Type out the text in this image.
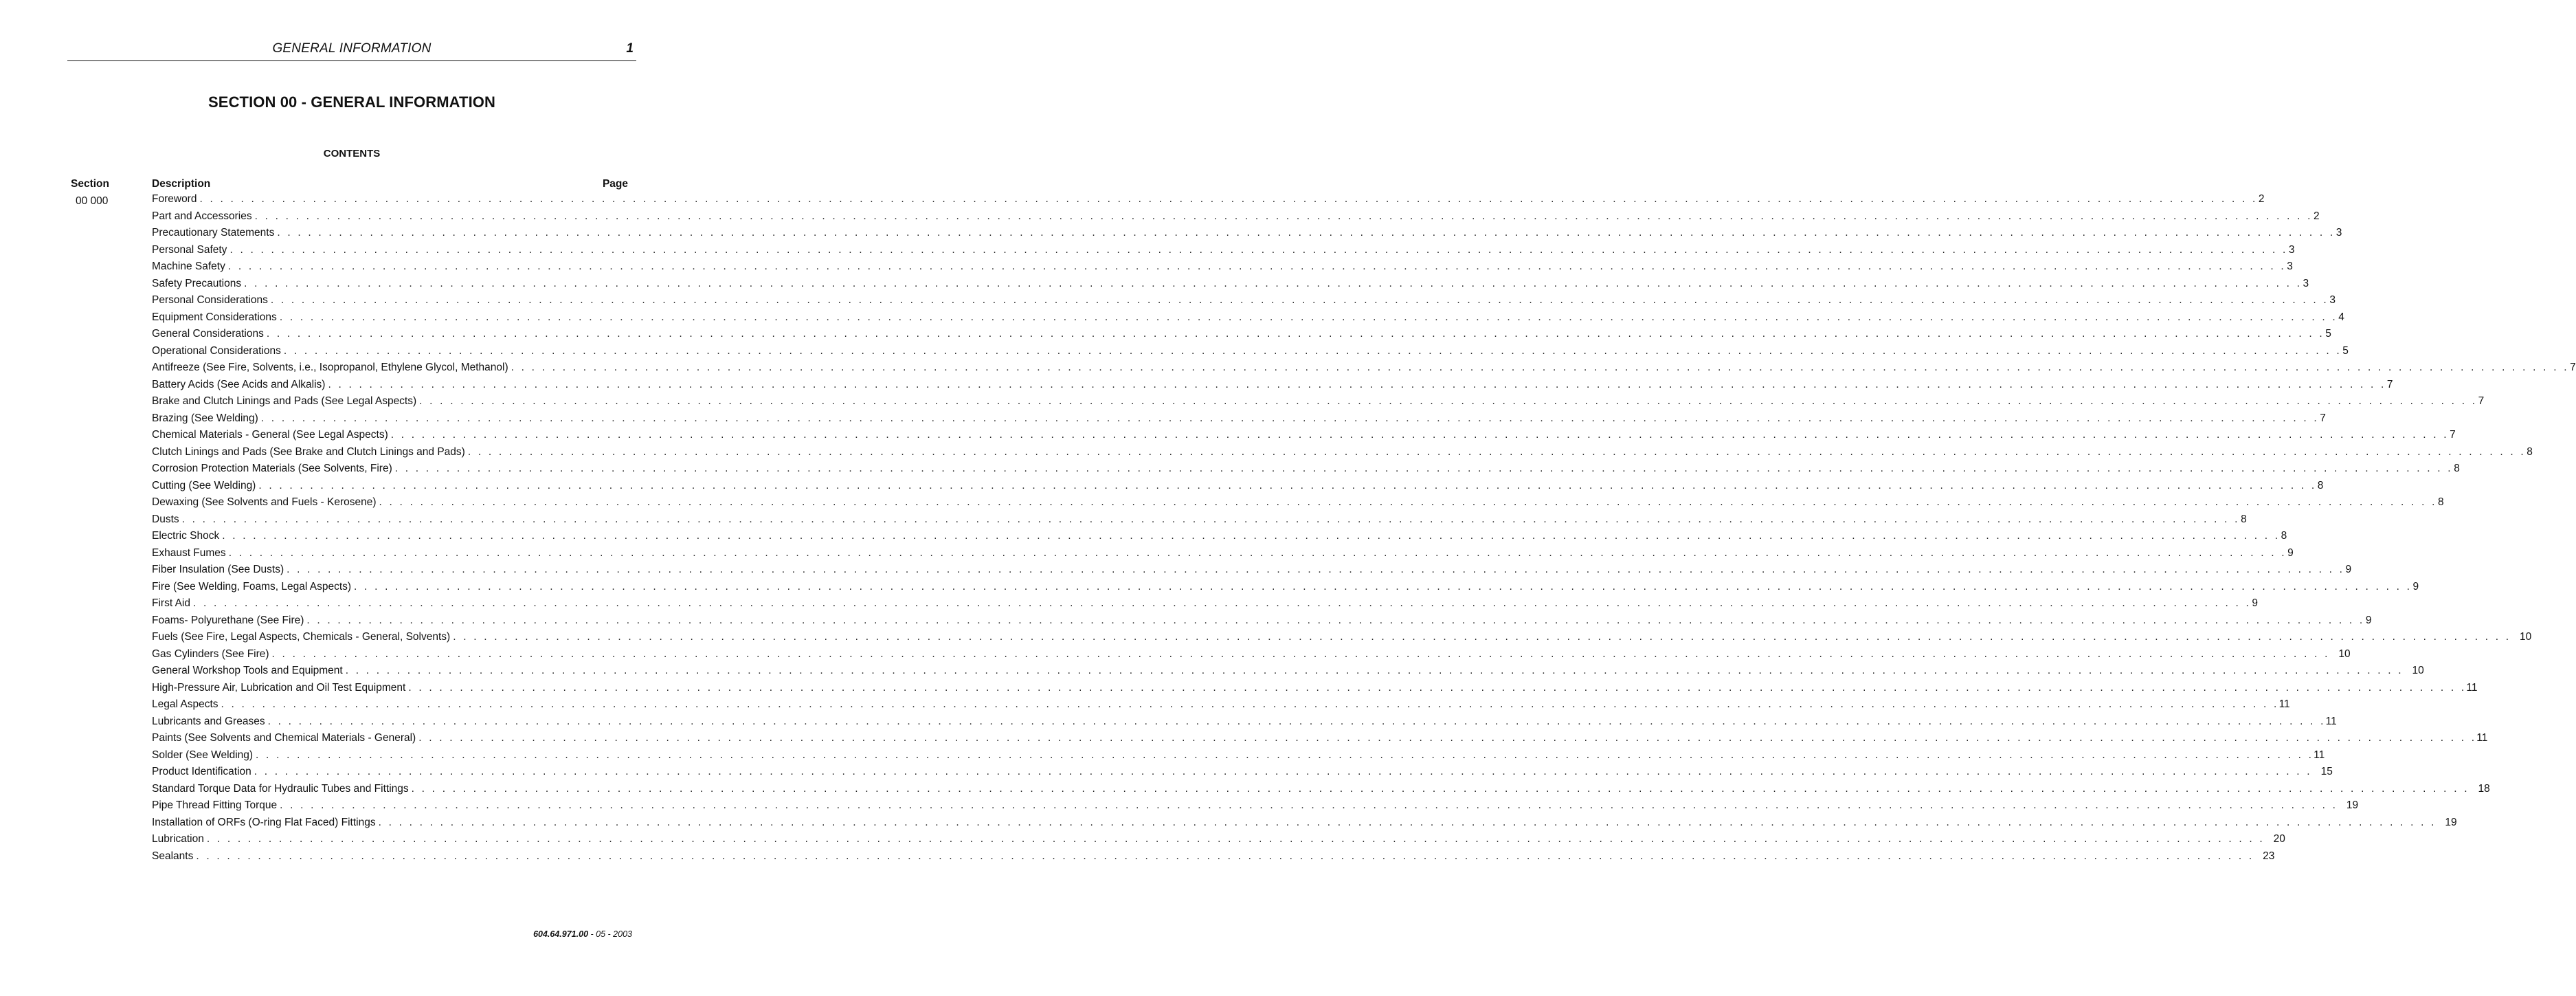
GENERAL INFORMATION	1
SECTION 00 - GENERAL INFORMATION
CONTENTS
Section	Description	Page
00 000	Foreword . . . . . . . . . . . . . . . . . . . . . . . . . . . . . . . . . . . . . . . . . . . . . . . . . . . . . . . . . . . . . . . . . . . . . . . . . . . . . . . . . . . . . . . . . . . . . . . . . . . . . . . . . . . . . . . . . . . . . . . . . . . . . . . . . . . . . . . . . . . . . . . . . . . . . . . . . . . . . . . . . . . . . . . . . . . . . . . . . . . . . . . . . . . . . . . . . . . . . . . . 2
Part and Accessories . . . . . . . . . . . . . . . . . . . . . . . . . . . . . . . . . . . . . . . . . . . . . . . . . . . . . . . . . . . . . . . . . . . . . . . . . . . . . . . . . . . . . . . . . . . . . . . . . . . . . . . . . . . . . . . . . . . . . . . . . . . . . . . . . . . . . . . . . . . . . . . . . . . . . . . . . . . . . . . . . . . . . . . . . . . . . . . . . . . . . . . . . . . . . . . . . . . . . . . . 2
Precautionary Statements . . . . . . . . . . . . . . . . . . . . . . . . . . . . . . . . . . . . . . . . . . . . . . . . . . . . . . . . . . . . . . . . . . . . . . . . . . . . . . . . . . . . . . . . . . . . . . . . . . . . . . . . . . . . . . . . . . . . . . . . . . . . . . . . . . . . . . . . . . . . . . . . . . . . . . . . . . . . . . . . . . . . . . . . . . . . . . . . . . . . . . . . . . . . . . . . . . . . . . . . 3
Personal Safety . . . . . . . . . . . . . . . . . . . . . . . . . . . . . . . . . . . . . . . . . . . . . . . . . . . . . . . . . . . . . . . . . . . . . . . . . . . . . . . . . . . . . . . . . . . . . . . . . . . . . . . . . . . . . . . . . . . . . . . . . . . . . . . . . . . . . . . . . . . . . . . . . . . . . . . . . . . . . . . . . . . . . . . . . . . . . . . . . . . . . . . . . . . . . . . . . . . . . . . . 3
Machine Safety . . . . . . . . . . . . . . . . . . . . . . . . . . . . . . . . . . . . . . . . . . . . . . . . . . . . . . . . . . . . . . . . . . . . . . . . . . . . . . . . . . . . . . . . . . . . . . . . . . . . . . . . . . . . . . . . . . . . . . . . . . . . . . . . . . . . . . . . . . . . . . . . . . . . . . . . . . . . . . . . . . . . . . . . . . . . . . . . . . . . . . . . . . . . . . . . . . . . . . . . 3
Safety Precautions . . . . . . . . . . . . . . . . . . . . . . . . . . . . . . . . . . . . . . . . . . . . . . . . . . . . . . . . . . . . . . . . . . . . . . . . . . . . . . . . . . . . . . . . . . . . . . . . . . . . . . . . . . . . . . . . . . . . . . . . . . . . . . . . . . . . . . . . . . . . . . . . . . . . . . . . . . . . . . . . . . . . . . . . . . . . . . . . . . . . . . . . . . . . . . . . . . . . . . . . 3
Personal Considerations . . . . . . . . . . . . . . . . . . . . . . . . . . . . . . . . . . . . . . . . . . . . . . . . . . . . . . . . . . . . . . . . . . . . . . . . . . . . . . . . . . . . . . . . . . . . . . . . . . . . . . . . . . . . . . . . . . . . . . . . . . . . . . . . . . . . . . . . . . . . . . . . . . . . . . . . . . . . . . . . . . . . . . . . . . . . . . . . . . . . . . . . . . . . . . . . . . . . . . . . 3
Equipment Considerations . . . . . . . . . . . . . . . . . . . . . . . . . . . . . . . . . . . . . . . . . . . . . . . . . . . . . . . . . . . . . . . . . . . . . . . . . . . . . . . . . . . . . . . . . . . . . . . . . . . . . . . . . . . . . . . . . . . . . . . . . . . . . . . . . . . . . . . . . . . . . . . . . . . . . . . . . . . . . . . . . . . . . . . . . . . . . . . . . . . . . . . . . . . . . . . . . . . . . . . . 4
General Considerations . . . . . . . . . . . . . . . . . . . . . . . . . . . . . . . . . . . . . . . . . . . . . . . . . . . . . . . . . . . . . . . . . . . . . . . . . . . . . . . . . . . . . . . . . . . . . . . . . . . . . . . . . . . . . . . . . . . . . . . . . . . . . . . . . . . . . . . . . . . . . . . . . . . . . . . . . . . . . . . . . . . . . . . . . . . . . . . . . . . . . . . . . . . . . . . . . . . . . . . . 5
Operational Considerations . . . . . . . . . . . . . . . . . . . . . . . . . . . . . . . . . . . . . . . . . . . . . . . . . . . . . . . . . . . . . . . . . . . . . . . . . . . . . . . . . . . . . . . . . . . . . . . . . . . . . . . . . . . . . . . . . . . . . . . . . . . . . . . . . . . . . . . . . . . . . . . . . . . . . . . . . . . . . . . . . . . . . . . . . . . . . . . . . . . . . . . . . . . . . . . . . . . . . . . . 5
Antifreeze (See Fire, Solvents, i.e., Isopropanol, Ethylene Glycol, Methanol) . . . . . . . . . . . . . . . . . . . . . . . . . . . . . . . . . . . . . . . . . . . . . . . . . . . . . . . . . . . . . . . . . . . . . . . . . . . . . . . . . . . . . . . . . . . . . . . . . . . . . . . . . . . . . . . . . . . . . . . . . . . . . . . . . . . . . . . . . . . . . . . . . . . . . . . . . . . . . . . . . . . . . . . . . . . . . . . . . . . . . . . . . . . . . . . . . . . . . . . . 7
Battery Acids (See Acids and Alkalis) . . . . . . . . . . . . . . . . . . . . . . . . . . . . . . . . . . . . . . . . . . . . . . . . . . . . . . . . . . . . . . . . . . . . . . . . . . . . . . . . . . . . . . . . . . . . . . . . . . . . . . . . . . . . . . . . . . . . . . . . . . . . . . . . . . . . . . . . . . . . . . . . . . . . . . . . . . . . . . . . . . . . . . . . . . . . . . . . . . . . . . . . . . . . . . . . . . . . . . . . 7
Brake and Clutch Linings and Pads (See Legal Aspects) . . . . . . . . . . . . . . . . . . . . . . . . . . . . . . . . . . . . . . . . . . . . . . . . . . . . . . . . . . . . . . . . . . . . . . . . . . . . . . . . . . . . . . . . . . . . . . . . . . . . . . . . . . . . . . . . . . . . . . . . . . . . . . . . . . . . . . . . . . . . . . . . . . . . . . . . . . . . . . . . . . . . . . . . . . . . . . . . . . . . . . . . . . . . . . . . . . . . . . . . 7
Brazing (See Welding) . . . . . . . . . . . . . . . . . . . . . . . . . . . . . . . . . . . . . . . . . . . . . . . . . . . . . . . . . . . . . . . . . . . . . . . . . . . . . . . . . . . . . . . . . . . . . . . . . . . . . . . . . . . . . . . . . . . . . . . . . . . . . . . . . . . . . . . . . . . . . . . . . . . . . . . . . . . . . . . . . . . . . . . . . . . . . . . . . . . . . . . . . . . . . . . . . . . . . . . . 7
Chemical Materials - General (See Legal Aspects) . . . . . . . . . . . . . . . . . . . . . . . . . . . . . . . . . . . . . . . . . . . . . . . . . . . . . . . . . . . . . . . . . . . . . . . . . . . . . . . . . . . . . . . . . . . . . . . . . . . . . . . . . . . . . . . . . . . . . . . . . . . . . . . . . . . . . . . . . . . . . . . . . . . . . . . . . . . . . . . . . . . . . . . . . . . . . . . . . . . . . . . . . . . . . . . . . . . . . . . . 7
Clutch Linings and Pads (See Brake and Clutch Linings and Pads) . . . . . . . . . . . . . . . . . . . . . . . . . . . . . . . . . . . . . . . . . . . . . . . . . . . . . . . . . . . . . . . . . . . . . . . . . . . . . . . . . . . . . . . . . . . . . . . . . . . . . . . . . . . . . . . . . . . . . . . . . . . . . . . . . . . . . . . . . . . . . . . . . . . . . . . . . . . . . . . . . . . . . . . . . . . . . . . . . . . . . . . . . . . . . . . . . . . . . . . . 8
Corrosion Protection Materials (See Solvents, Fire) . . . . . . . . . . . . . . . . . . . . . . . . . . . . . . . . . . . . . . . . . . . . . . . . . . . . . . . . . . . . . . . . . . . . . . . . . . . . . . . . . . . . . . . . . . . . . . . . . . . . . . . . . . . . . . . . . . . . . . . . . . . . . . . . . . . . . . . . . . . . . . . . . . . . . . . . . . . . . . . . . . . . . . . . . . . . . . . . . . . . . . . . . . . . . . . . . . . . . . . . 8
Cutting (See Welding) . . . . . . . . . . . . . . . . . . . . . . . . . . . . . . . . . . . . . . . . . . . . . . . . . . . . . . . . . . . . . . . . . . . . . . . . . . . . . . . . . . . . . . . . . . . . . . . . . . . . . . . . . . . . . . . . . . . . . . . . . . . . . . . . . . . . . . . . . . . . . . . . . . . . . . . . . . . . . . . . . . . . . . . . . . . . . . . . . . . . . . . . . . . . . . . . . . . . . . . . 8
Dewaxing (See Solvents and Fuels - Kerosene) . . . . . . . . . . . . . . . . . . . . . . . . . . . . . . . . . . . . . . . . . . . . . . . . . . . . . . . . . . . . . . . . . . . . . . . . . . . . . . . . . . . . . . . . . . . . . . . . . . . . . . . . . . . . . . . . . . . . . . . . . . . . . . . . . . . . . . . . . . . . . . . . . . . . . . . . . . . . . . . . . . . . . . . . . . . . . . . . . . . . . . . . . . . . . . . . . . . . . . . . 8
Dusts . . . . . . . . . . . . . . . . . . . . . . . . . . . . . . . . . . . . . . . . . . . . . . . . . . . . . . . . . . . . . . . . . . . . . . . . . . . . . . . . . . . . . . . . . . . . . . . . . . . . . . . . . . . . . . . . . . . . . . . . . . . . . . . . . . . . . . . . . . . . . . . . . . . . . . . . . . . . . . . . . . . . . . . . . . . . . . . . . . . . . . . . . . . . . . . . . . . . . . . . 8
Electric Shock . . . . . . . . . . . . . . . . . . . . . . . . . . . . . . . . . . . . . . . . . . . . . . . . . . . . . . . . . . . . . . . . . . . . . . . . . . . . . . . . . . . . . . . . . . . . . . . . . . . . . . . . . . . . . . . . . . . . . . . . . . . . . . . . . . . . . . . . . . . . . . . . . . . . . . . . . . . . . . . . . . . . . . . . . . . . . . . . . . . . . . . . . . . . . . . . . . . . . . . . 8
Exhaust Fumes . . . . . . . . . . . . . . . . . . . . . . . . . . . . . . . . . . . . . . . . . . . . . . . . . . . . . . . . . . . . . . . . . . . . . . . . . . . . . . . . . . . . . . . . . . . . . . . . . . . . . . . . . . . . . . . . . . . . . . . . . . . . . . . . . . . . . . . . . . . . . . . . . . . . . . . . . . . . . . . . . . . . . . . . . . . . . . . . . . . . . . . . . . . . . . . . . . . . . . . . 9
Fiber Insulation (See Dusts) . . . . . . . . . . . . . . . . . . . . . . . . . . . . . . . . . . . . . . . . . . . . . . . . . . . . . . . . . . . . . . . . . . . . . . . . . . . . . . . . . . . . . . . . . . . . . . . . . . . . . . . . . . . . . . . . . . . . . . . . . . . . . . . . . . . . . . . . . . . . . . . . . . . . . . . . . . . . . . . . . . . . . . . . . . . . . . . . . . . . . . . . . . . . . . . . . . . . . . . . 9
Fire (See Welding, Foams, Legal Aspects) . . . . . . . . . . . . . . . . . . . . . . . . . . . . . . . . . . . . . . . . . . . . . . . . . . . . . . . . . . . . . . . . . . . . . . . . . . . . . . . . . . . . . . . . . . . . . . . . . . . . . . . . . . . . . . . . . . . . . . . . . . . . . . . . . . . . . . . . . . . . . . . . . . . . . . . . . . . . . . . . . . . . . . . . . . . . . . . . . . . . . . . . . . . . . . . . . . . . . . . . 9
First Aid . . . . . . . . . . . . . . . . . . . . . . . . . . . . . . . . . . . . . . . . . . . . . . . . . . . . . . . . . . . . . . . . . . . . . . . . . . . . . . . . . . . . . . . . . . . . . . . . . . . . . . . . . . . . . . . . . . . . . . . . . . . . . . . . . . . . . . . . . . . . . . . . . . . . . . . . . . . . . . . . . . . . . . . . . . . . . . . . . . . . . . . . . . . . . . . . . . . . . . . . 9
Foams- Polyurethane (See Fire) . . . . . . . . . . . . . . . . . . . . . . . . . . . . . . . . . . . . . . . . . . . . . . . . . . . . . . . . . . . . . . . . . . . . . . . . . . . . . . . . . . . . . . . . . . . . . . . . . . . . . . . . . . . . . . . . . . . . . . . . . . . . . . . . . . . . . . . . . . . . . . . . . . . . . . . . . . . . . . . . . . . . . . . . . . . . . . . . . . . . . . . . . . . . . . . . . . . . . . . . 9
Fuels (See Fire, Legal Aspects, Chemicals - General, Solvents) . . . . . . . . . . . . . . . . . . . . . . . . . . . . . . . . . . . . . . . . . . . . . . . . . . . . . . . . . . . . . . . . . . . . . . . . . . . . . . . . . . . . . . . . . . . . . . . . . . . . . . . . . . . . . . . . . . . . . . . . . . . . . . . . . . . . . . . . . . . . . . . . . . . . . . . . . . . . . . . . . . . . . . . . . . . . . . . . . . . . . . . . . . . . . . . . . . . . . . . . 10
Gas Cylinders (See Fire) . . . . . . . . . . . . . . . . . . . . . . . . . . . . . . . . . . . . . . . . . . . . . . . . . . . . . . . . . . . . . . . . . . . . . . . . . . . . . . . . . . . . . . . . . . . . . . . . . . . . . . . . . . . . . . . . . . . . . . . . . . . . . . . . . . . . . . . . . . . . . . . . . . . . . . . . . . . . . . . . . . . . . . . . . . . . . . . . . . . . . . . . . . . . . . . . . . . . . . . . 10
General Workshop Tools and Equipment . . . . . . . . . . . . . . . . . . . . . . . . . . . . . . . . . . . . . . . . . . . . . . . . . . . . . . . . . . . . . . . . . . . . . . . . . . . . . . . . . . . . . . . . . . . . . . . . . . . . . . . . . . . . . . . . . . . . . . . . . . . . . . . . . . . . . . . . . . . . . . . . . . . . . . . . . . . . . . . . . . . . . . . . . . . . . . . . . . . . . . . . . . . . . . . . . . . . . . . . 10
High-Pressure Air, Lubrication and Oil Test Equipment . . . . . . . . . . . . . . . . . . . . . . . . . . . . . . . . . . . . . . . . . . . . . . . . . . . . . . . . . . . . . . . . . . . . . . . . . . . . . . . . . . . . . . . . . . . . . . . . . . . . . . . . . . . . . . . . . . . . . . . . . . . . . . . . . . . . . . . . . . . . . . . . . . . . . . . . . . . . . . . . . . . . . . . . . . . . . . . . . . . . . . . . . . . . . . . . . . . . . . . . 11
Legal Aspects . . . . . . . . . . . . . . . . . . . . . . . . . . . . . . . . . . . . . . . . . . . . . . . . . . . . . . . . . . . . . . . . . . . . . . . . . . . . . . . . . . . . . . . . . . . . . . . . . . . . . . . . . . . . . . . . . . . . . . . . . . . . . . . . . . . . . . . . . . . . . . . . . . . . . . . . . . . . . . . . . . . . . . . . . . . . . . . . . . . . . . . . . . . . . . . . . . . . . . . . 11
Lubricants and Greases . . . . . . . . . . . . . . . . . . . . . . . . . . . . . . . . . . . . . . . . . . . . . . . . . . . . . . . . . . . . . . . . . . . . . . . . . . . . . . . . . . . . . . . . . . . . . . . . . . . . . . . . . . . . . . . . . . . . . . . . . . . . . . . . . . . . . . . . . . . . . . . . . . . . . . . . . . . . . . . . . . . . . . . . . . . . . . . . . . . . . . . . . . . . . . . . . . . . . . . . 11
Paints (See Solvents and Chemical Materials - General) . . . . . . . . . . . . . . . . . . . . . . . . . . . . . . . . . . . . . . . . . . . . . . . . . . . . . . . . . . . . . . . . . . . . . . . . . . . . . . . . . . . . . . . . . . . . . . . . . . . . . . . . . . . . . . . . . . . . . . . . . . . . . . . . . . . . . . . . . . . . . . . . . . . . . . . . . . . . . . . . . . . . . . . . . . . . . . . . . . . . . . . . . . . . . . . . . . . . . . . . 11
Solder (See Welding) . . . . . . . . . . . . . . . . . . . . . . . . . . . . . . . . . . . . . . . . . . . . . . . . . . . . . . . . . . . . . . . . . . . . . . . . . . . . . . . . . . . . . . . . . . . . . . . . . . . . . . . . . . . . . . . . . . . . . . . . . . . . . . . . . . . . . . . . . . . . . . . . . . . . . . . . . . . . . . . . . . . . . . . . . . . . . . . . . . . . . . . . . . . . . . . . . . . . . . . . 11
Product Identification . . . . . . . . . . . . . . . . . . . . . . . . . . . . . . . . . . . . . . . . . . . . . . . . . . . . . . . . . . . . . . . . . . . . . . . . . . . . . . . . . . . . . . . . . . . . . . . . . . . . . . . . . . . . . . . . . . . . . . . . . . . . . . . . . . . . . . . . . . . . . . . . . . . . . . . . . . . . . . . . . . . . . . . . . . . . . . . . . . . . . . . . . . . . . . . . . . . . . . . . 15
Standard Torque Data for Hydraulic Tubes and Fittings . . . . . . . . . . . . . . . . . . . . . . . . . . . . . . . . . . . . . . . . . . . . . . . . . . . . . . . . . . . . . . . . . . . . . . . . . . . . . . . . . . . . . . . . . . . . . . . . . . . . . . . . . . . . . . . . . . . . . . . . . . . . . . . . . . . . . . . . . . . . . . . . . . . . . . . . . . . . . . . . . . . . . . . . . . . . . . . . . . . . . . . . . . . . . . . . . . . . . . . . 18
Pipe Thread Fitting Torque . . . . . . . . . . . . . . . . . . . . . . . . . . . . . . . . . . . . . . . . . . . . . . . . . . . . . . . . . . . . . . . . . . . . . . . . . . . . . . . . . . . . . . . . . . . . . . . . . . . . . . . . . . . . . . . . . . . . . . . . . . . . . . . . . . . . . . . . . . . . . . . . . . . . . . . . . . . . . . . . . . . . . . . . . . . . . . . . . . . . . . . . . . . . . . . . . . . . . . . . 19
Installation of ORFs (O-ring Flat Faced) Fittings . . . . . . . . . . . . . . . . . . . . . . . . . . . . . . . . . . . . . . . . . . . . . . . . . . . . . . . . . . . . . . . . . . . . . . . . . . . . . . . . . . . . . . . . . . . . . . . . . . . . . . . . . . . . . . . . . . . . . . . . . . . . . . . . . . . . . . . . . . . . . . . . . . . . . . . . . . . . . . . . . . . . . . . . . . . . . . . . . . . . . . . . . . . . . . . . . . . . . . . . 19
Lubrication . . . . . . . . . . . . . . . . . . . . . . . . . . . . . . . . . . . . . . . . . . . . . . . . . . . . . . . . . . . . . . . . . . . . . . . . . . . . . . . . . . . . . . . . . . . . . . . . . . . . . . . . . . . . . . . . . . . . . . . . . . . . . . . . . . . . . . . . . . . . . . . . . . . . . . . . . . . . . . . . . . . . . . . . . . . . . . . . . . . . . . . . . . . . . . . . . . . . . . . . 20
Sealants . . . . . . . . . . . . . . . . . . . . . . . . . . . . . . . . . . . . . . . . . . . . . . . . . . . . . . . . . . . . . . . . . . . . . . . . . . . . . . . . . . . . . . . . . . . . . . . . . . . . . . . . . . . . . . . . . . . . . . . . . . . . . . . . . . . . . . . . . . . . . . . . . . . . . . . . . . . . . . . . . . . . . . . . . . . . . . . . . . . . . . . . . . . . . . . . . . . . . . . . 23
604.64.971.00 - 05 - 2003
